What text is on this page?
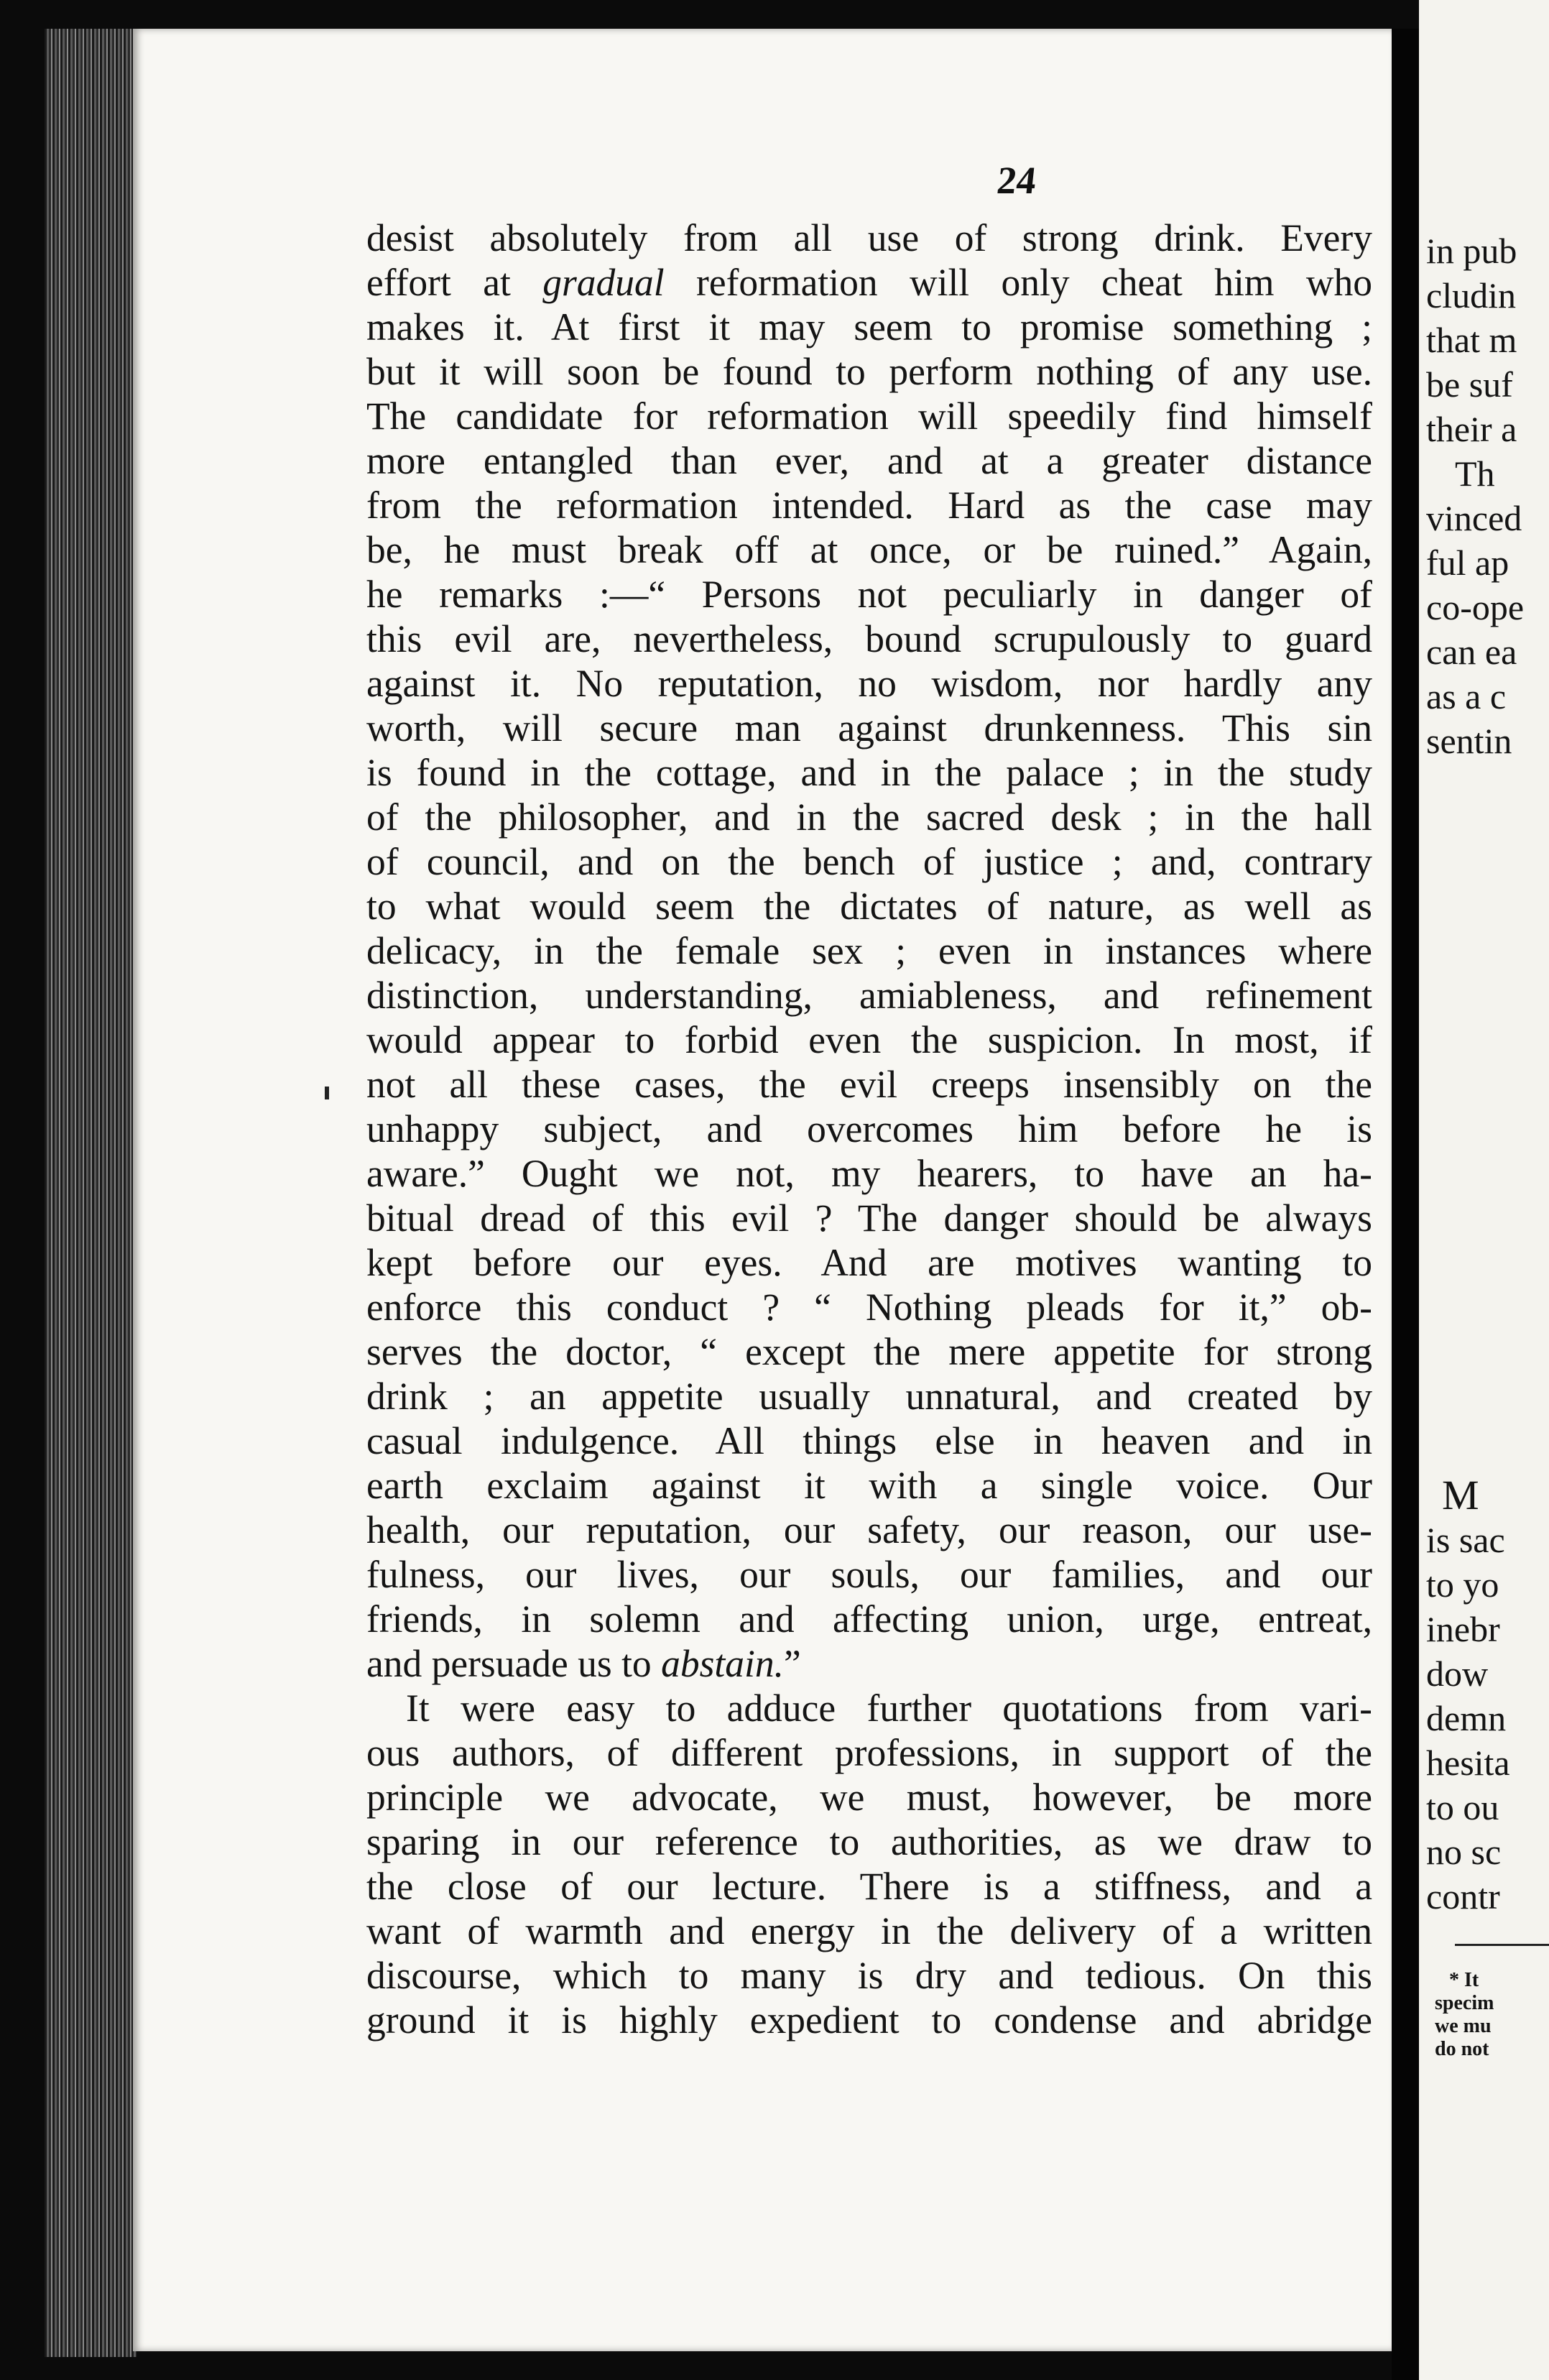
24
desist absolutely from all use of strong drink. Every
effort at gradual reformation will only cheat him who
makes it. At first it may seem to promise something ;
but it will soon be found to perform nothing of any use.
The candidate for reformation will speedily find himself
more entangled than ever, and at a greater distance
from the reformation intended. Hard as the case may
be, he must break off at once, or be ruined.” Again,
he remarks :—“ Persons not peculiarly in danger of
this evil are, nevertheless, bound scrupulously to guard
against it. No reputation, no wisdom, nor hardly any
worth, will secure man against drunkenness. This sin
is found in the cottage, and in the palace ; in the study
of the philosopher, and in the sacred desk ; in the hall
of council, and on the bench of justice ; and, contrary
to what would seem the dictates of nature, as well as
delicacy, in the female sex ; even in instances where
distinction, understanding, amiableness, and refinement
would appear to forbid even the suspicion. In most, if
not all these cases, the evil creeps insensibly on the
unhappy subject, and overcomes him before he is
aware.” Ought we not, my hearers, to have an ha-
bitual dread of this evil ? The danger should be always
kept before our eyes. And are motives wanting to
enforce this conduct ? “ Nothing pleads for it,” ob-
serves the doctor, “ except the mere appetite for strong
drink ; an appetite usually unnatural, and created by
casual indulgence. All things else in heaven and in
earth exclaim against it with a single voice. Our
health, our reputation, our safety, our reason, our use-
fulness, our lives, our souls, our families, and our
friends, in solemn and affecting union, urge, entreat,
and persuade us to abstain.”
It were easy to adduce further quotations from vari-
ous authors, of different professions, in support of the
principle we advocate, we must, however, be more
sparing in our reference to authorities, as we draw to
the close of our lecture. There is a stiffness, and a
want of warmth and energy in the delivery of a written
discourse, which to many is dry and tedious. On this
ground it is highly expedient to condense and abridge
in pub
cludin
that m
be suf
their a
Th
vinced
ful ap
co-ope
can ea
as a c
sentin
M
is sac
to yo
inebr
dow
demn
hesita
to ou
no sc
contr
* It
specim
we mu
do not
